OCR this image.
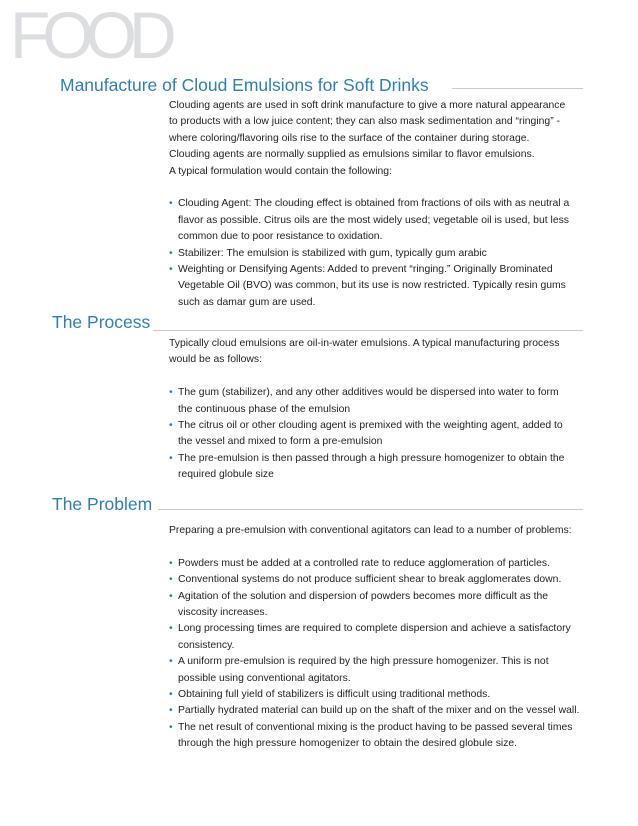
FOOD
Manufacture of Cloud Emulsions for Soft Drinks

Clouding agents are used in soft drink manufacture to give a more natural appearance

to products with a low juice content; they can also mask sedimentation and “ringing” -

where coloring/flavoring oils rise to the surface of the container during storage.

Clouding agents are normally supplied as emulsions similar to flavor emulsions.

A typical formulation would contain the following:

• Clouding Agent: The clouding effect is obtained from fractions of oils with as neutral a
flavor as possible. Citrus oils are the most widely used; vegetable oil is used, but less
common due to poor resistance to oxidation.
• Stabilizer: The emulsion is stabilized with gum, typically gum arabic
• Weighting or Densifying Agents: Added to prevent “ringing.” Originally Brominated
Vegetable Oil (BVO) was common, but its use is now restricted. Typically resin gums
such as damar gum are used.
The Process

Typically cloud emulsions are oil-in-water emulsions. A typical manufacturing process

would be as follows:

• The gum (stabilizer), and any other additives would be dispersed into water to form
the continuous phase of the emulsion
• The citrus oil or other clouding agent is premixed with the weighting agent, added to
the vessel and mixed to form a pre-emulsion
• The pre-emulsion is then passed through a high pressure homogenizer to obtain the
required globule size
The Problem

Preparing a pre-emulsion with conventional agitators can lead to a number of problems:

• Powders must be added at a controlled rate to reduce agglomeration of particles.
• Conventional systems do not produce sufficient shear to break agglomerates down.
• Agitation of the solution and dispersion of powders becomes more difficult as the
viscosity increases.
• Long processing times are required to complete dispersion and achieve a satisfactory
consistency.
• A uniform pre-emulsion is required by the high pressure homogenizer. This is not
possible using conventional agitators.
• Obtaining full yield of stabilizers is difficult using traditional methods.
• Partially hydrated material can build up on the shaft of the mixer and on the vessel wall.
• The net result of conventional mixing is the product having to be passed several times
through the high pressure homogenizer to obtain the desired globule size.
